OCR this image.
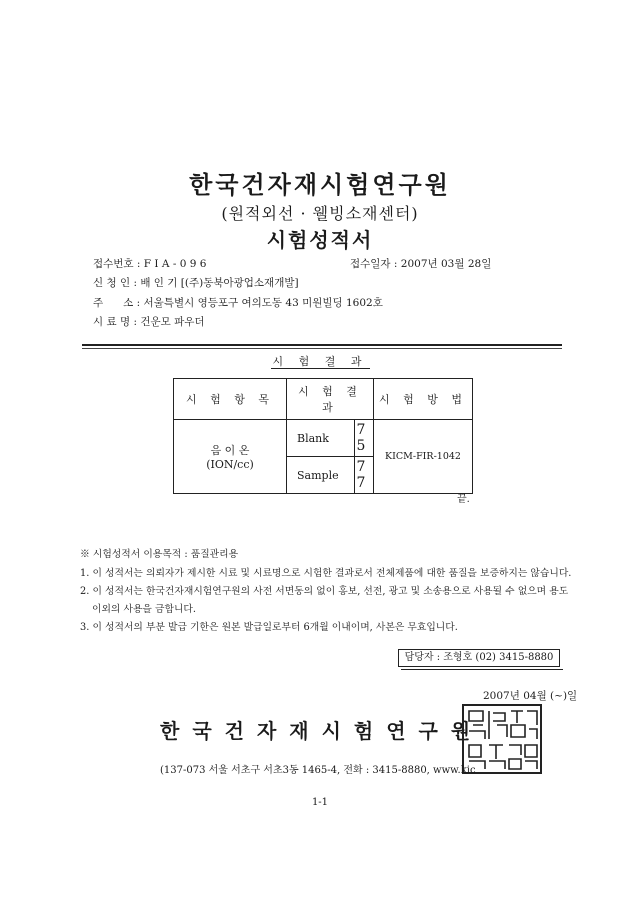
한국건자재시험연구원
(원적외선 · 웰빙소재센터)
시험성적서
접수번호 : F I A - 0 9 6	접수일자 : 2007년 03월 28일
신 청 인 : 배 인 기 [(주)동북아광업소재개발]
주      소 : 서울특별시 영등포구 여의도동 43 미원빌딩 1602호
시 료 명 : 건운모 파우더
시 험 결 과
시 험 항 목	시 험 결 과		시 험 방 법

음 이 온
(ION/cc)	Blank	7 5	KICM-FIR-1042
	Sample	7 7	
끝.
※ 시험성적서 이용목적 : 품질관리용
1. 이 성적서는 의뢰자가 제시한 시료 및 시료명으로 시험한 결과로서 전체제품에 대한 품질을 보증하지는 않습니다.
2. 이 성적서는 한국건자재시험연구원의 사전 서면동의 없이 홍보, 선전, 광고 및 소송용으로 사용될 수 없으며 용도
이외의 사용을 금합니다.
3. 이 성적서의 부분 발급 기한은 원본 발급일로부터 6개월 이내이며, 사본은 무효입니다.
담당자 : 조형호 (02) 3415-8880
2007년 04월 (~)일
한국건자재시험연구원
(137-073 서울 서초구 서초3동 1465-4, 전화 : 3415-8880, www.kic
1-1
